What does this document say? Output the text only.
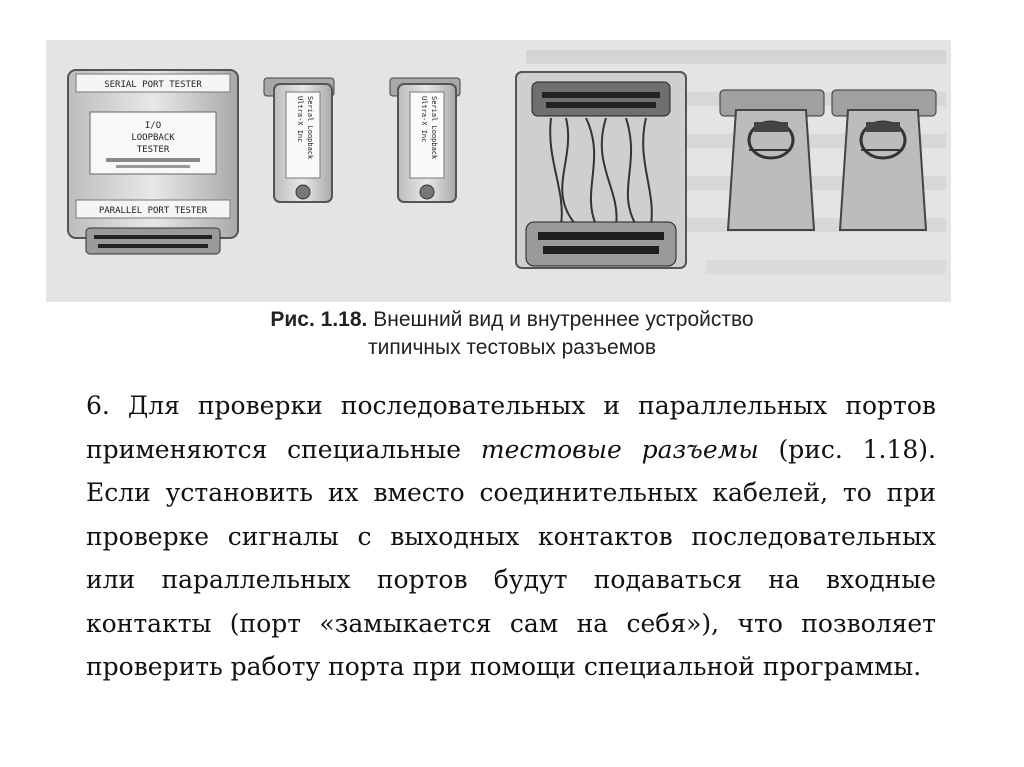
SERIAL PORT TESTER
I/O
LOOPBACK
TESTER
PARALLEL PORT TESTER
Ultra-X Inc Serial Loopback	Ultra-X Inc Serial Loopback
Рис. 1.18. Внешний вид и внутреннее устройство
типичных тестовых разъемов
6. Для проверки последовательных и параллельных портов применяются специальные тестовые разъемы (рис. 1.18). Если установить их вместо соединительных кабелей, то при проверке сигналы с выходных контактов последовательных или параллельных портов будут подаваться на входные контакты (порт «замыкается сам на себя»), что позволяет проверить работу порта при помощи специальной программы.
